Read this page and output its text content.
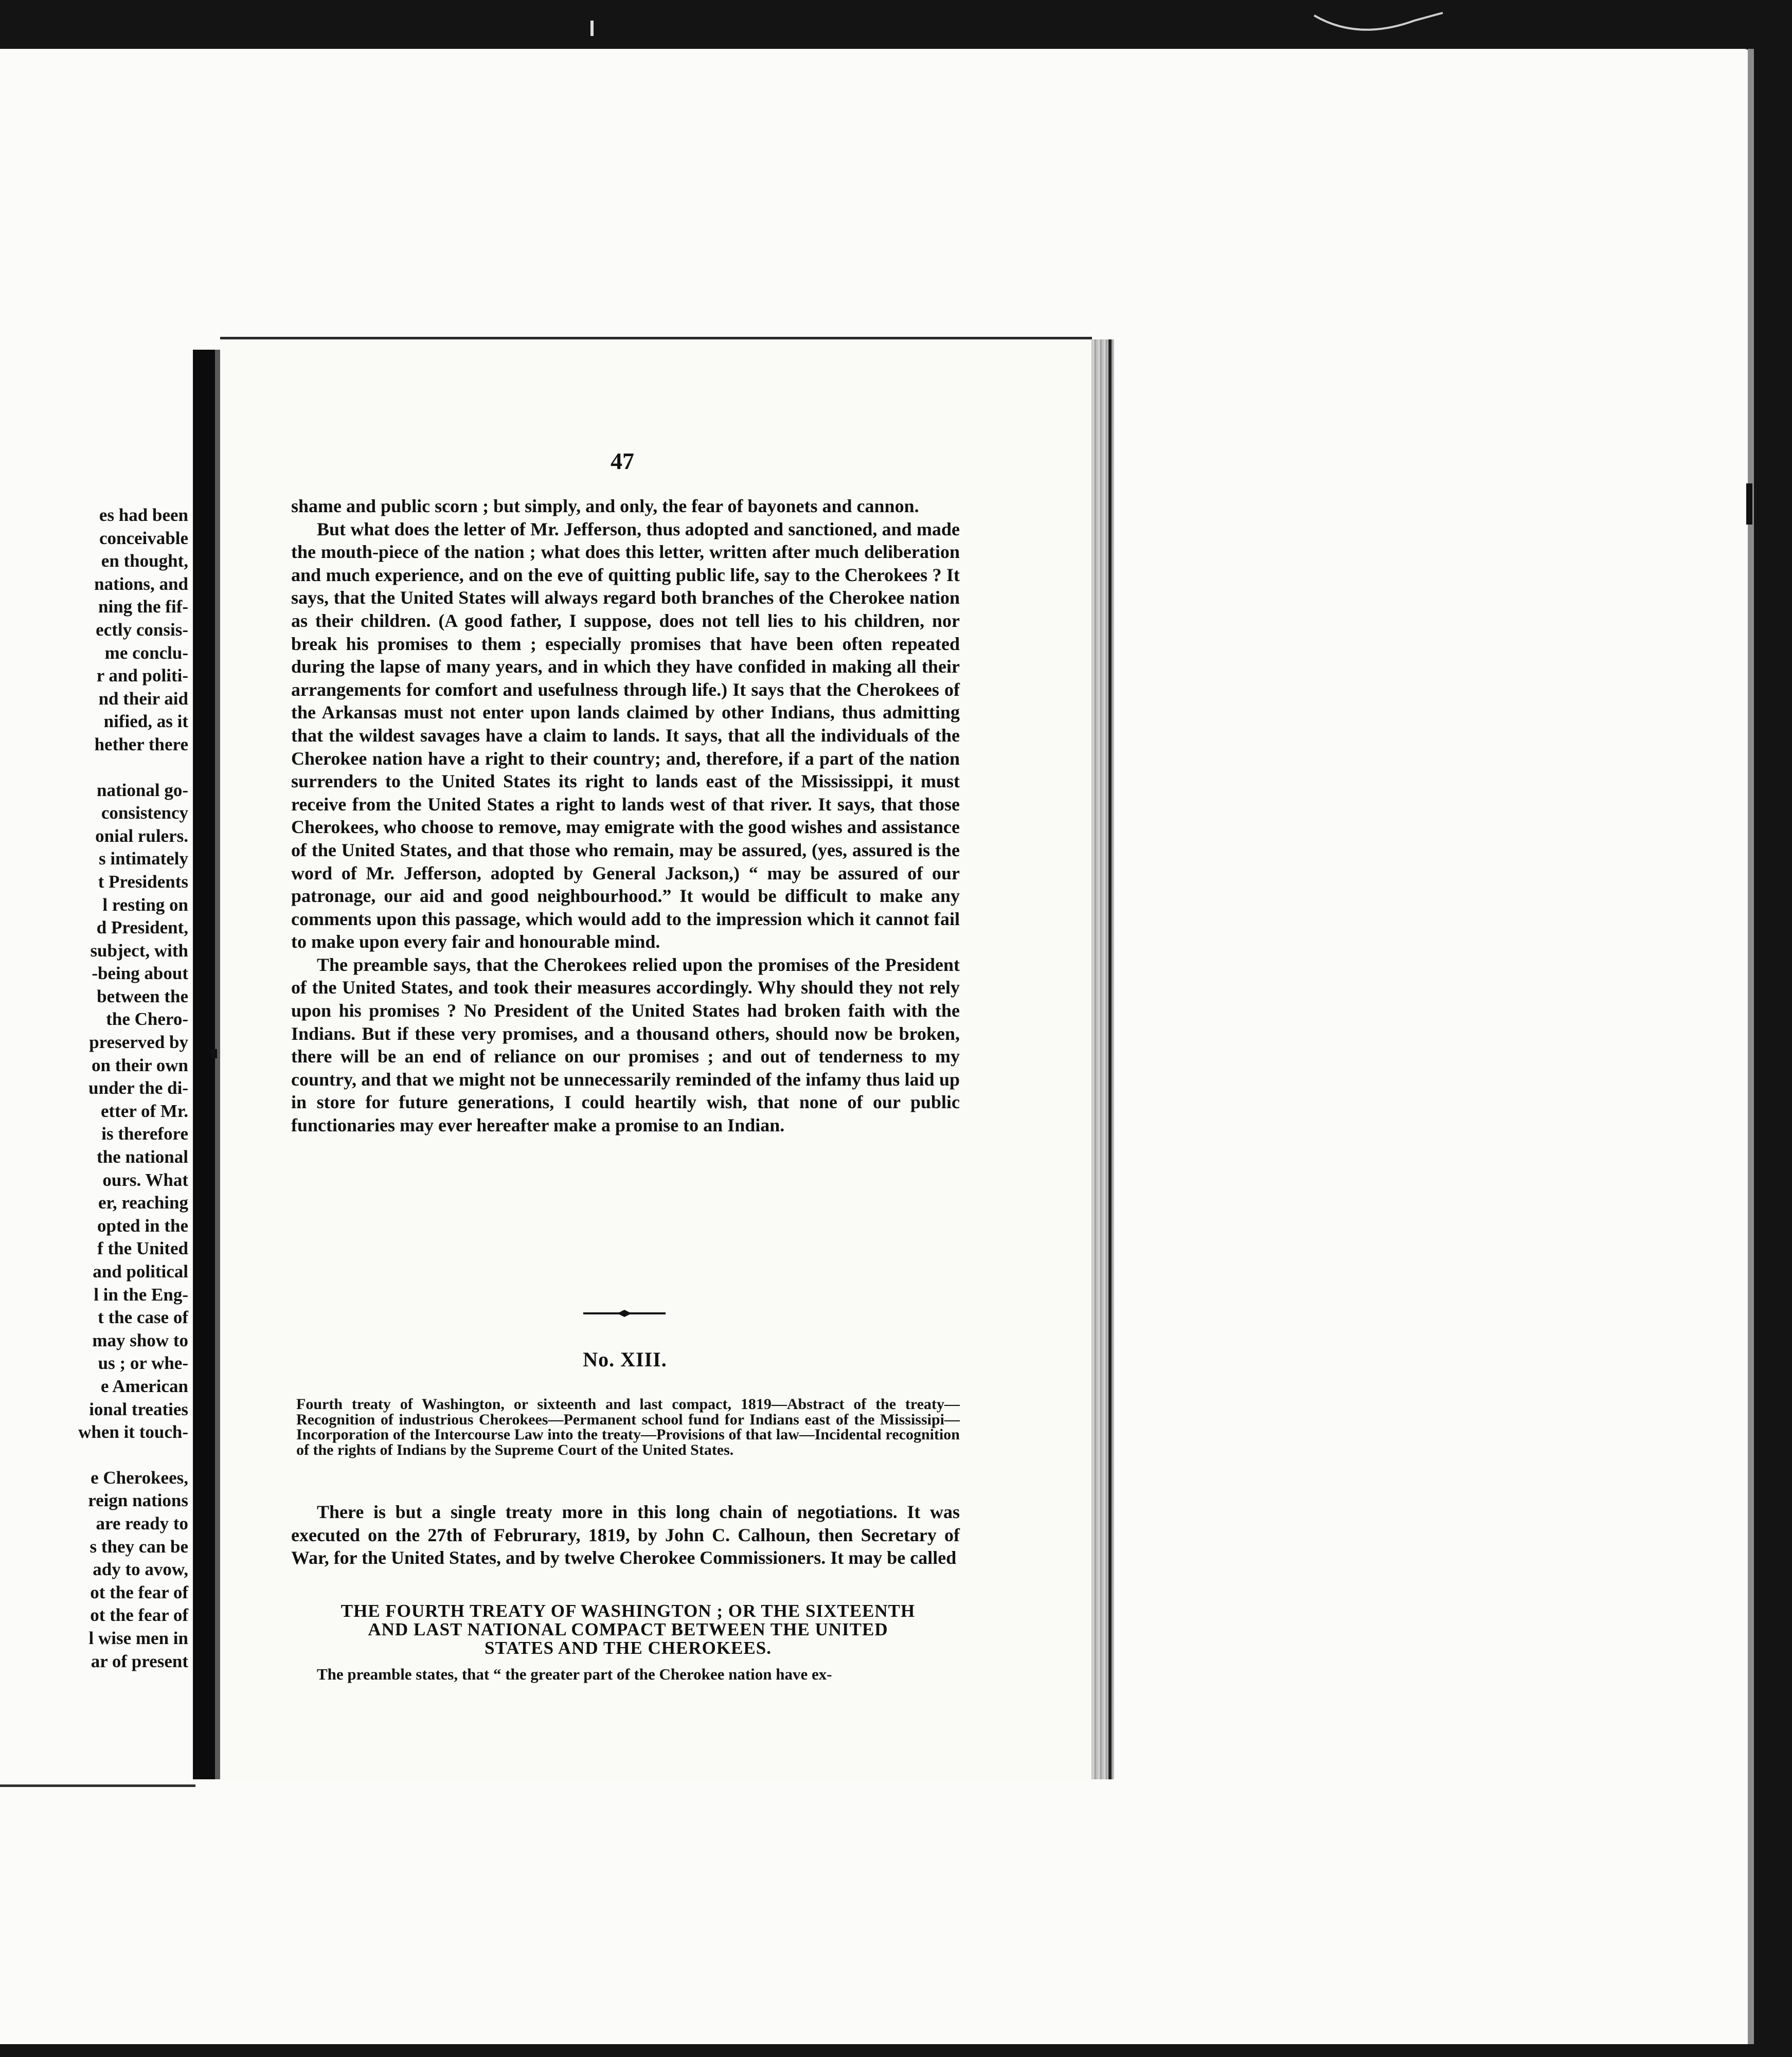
es had been
conceivable
en thought,
nations, and
ning the fif-
ectly consis-
me conclu-
r and politi-
nd their aid
nified, as it
hether there
national go-
consistency
onial rulers.
s intimately
t Presidents
l resting on
d President,
subject, with
-being about
between the
the Chero-
preserved by
on their own
under the di-
etter of Mr.
is therefore
the national
ours. What
er, reaching
opted in the
f the United
and political
l in the Eng-
t the case of
may show to
us ; or whe-
e American
ional treaties
when it touch-
e Cherokees,
reign nations
are ready to
s they can be
ady to avow,
ot the fear of
ot the fear of
l wise men in
ar of present
47

shame and public scorn ; but simply, and only, the fear of bayonets and cannon.

But what does the letter of Mr. Jefferson, thus adopted and sanctioned, and made the mouth-piece of the nation ; what does this letter, written after much deliberation and much experience, and on the eve of quitting public life, say to the Cherokees ? It says, that the United States will always regard both branches of the Cherokee nation as their children. (A good father, I suppose, does not tell lies to his children, nor break his promises to them ; especially promises that have been often repeated during the lapse of many years, and in which they have confided in making all their arrangements for comfort and usefulness through life.) It says that the Cherokees of the Arkansas must not enter upon lands claimed by other Indians, thus admitting that the wildest savages have a claim to lands. It says, that all the individuals of the Cherokee nation have a right to their country; and, therefore, if a part of the nation surrenders to the United States its right to lands east of the Mississippi, it must receive from the United States a right to lands west of that river. It says, that those Cherokees, who choose to remove, may emigrate with the good wishes and assistance of the United States, and that those who remain, may be assured, (yes, assured is the word of Mr. Jefferson, adopted by General Jackson,) “ may be assured of our patronage, our aid and good neighbourhood.” It would be difficult to make any comments upon this passage, which would add to the impression which it cannot fail to make upon every fair and honourable mind.

The preamble says, that the Cherokees relied upon the promises of the President of the United States, and took their measures accordingly. Why should they not rely upon his promises ? No President of the United States had broken faith with the Indians. But if these very promises, and a thousand others, should now be broken, there will be an end of reliance on our promises ; and out of tenderness to my country, and that we might not be unnecessarily reminded of the infamy thus laid up in store for future generations, I could heartily wish, that none of our public functionaries may ever hereafter make a promise to an Indian.

No. XIII.
Fourth treaty of Washington, or sixteenth and last compact, 1819—Abstract of the treaty—Recognition of industrious Cherokees—Permanent school fund for Indians east of the Mississipi—Incorporation of the Intercourse Law into the treaty—Provisions of that law—Incidental recognition of the rights of Indians by the Supreme Court of the United States.

There is but a single treaty more in this long chain of negotiations. It was executed on the 27th of Februrary, 1819, by John C. Calhoun, then Secretary of War, for the United States, and by twelve Cherokee Commissioners. It may be called

THE FOURTH TREATY OF WASHINGTON ; OR THE SIXTEENTH
AND LAST NATIONAL COMPACT BETWEEN THE UNITED
STATES AND THE CHEROKEES.
The preamble states, that “ the greater part of the Cherokee nation have ex-
